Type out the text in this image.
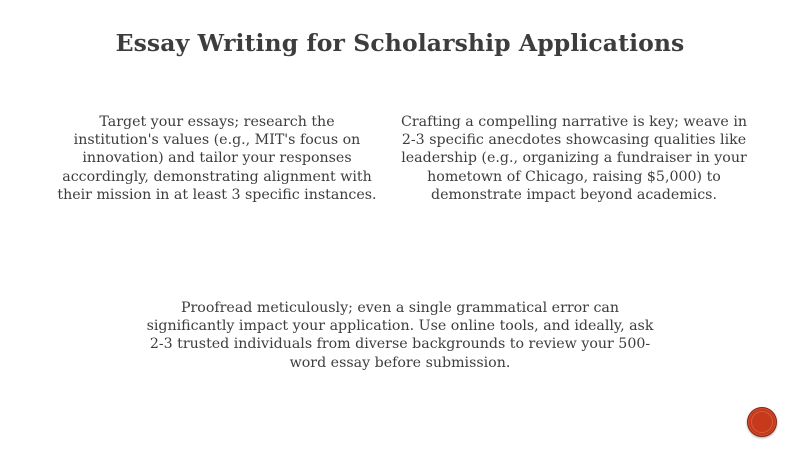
Essay Writing for Scholarship Applications

Target your essays; research the institution's values (e.g., MIT's focus on innovation) and tailor your responses accordingly, demonstrating alignment with their mission in at least 3 specific instances.

Crafting a compelling narrative is key; weave in 2-3 specific anecdotes showcasing qualities like leadership (e.g., organizing a fundraiser in your hometown of Chicago, raising $5,000) to demonstrate impact beyond academics.

Proofread meticulously; even a single grammatical error can significantly impact your application. Use online tools, and ideally, ask 2-3 trusted individuals from diverse backgrounds to review your 500-word essay before submission.
